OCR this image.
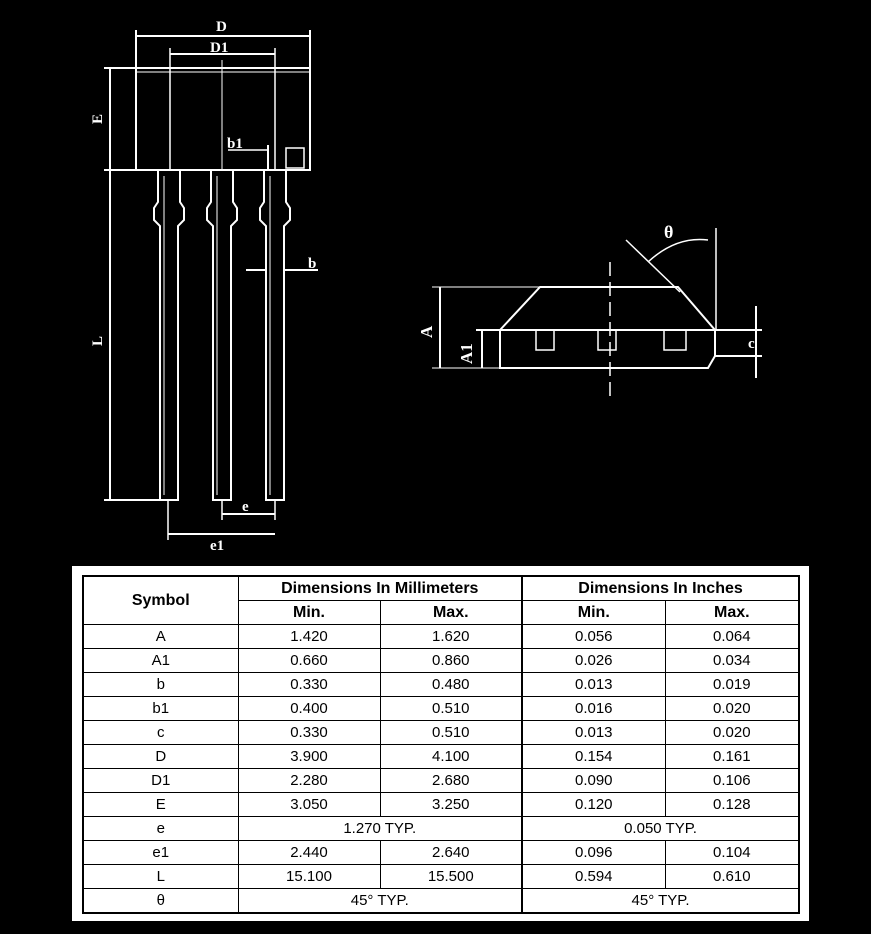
D
D1
E
b1
b
L
e
e1
θ
A
A1	c
Symbol	Dimensions In Millimeters		Dimensions In Inches	
	Min.	Max.	Min.	Max.
A	1.420	1.620	0.056	0.064
A1	0.660	0.860	0.026	0.034
b	0.330	0.480	0.013	0.019
b1	0.400	0.510	0.016	0.020
c	0.330	0.510	0.013	0.020
D	3.900	4.100	0.154	0.161
D1	2.280	2.680	0.090	0.106
E	3.050	3.250	0.120	0.128
e	1.270 TYP.		0.050 TYP.	
e1	2.440	2.640	0.096	0.104
L	15.100	15.500	0.594	0.610
θ	45° TYP.		45° TYP.	
